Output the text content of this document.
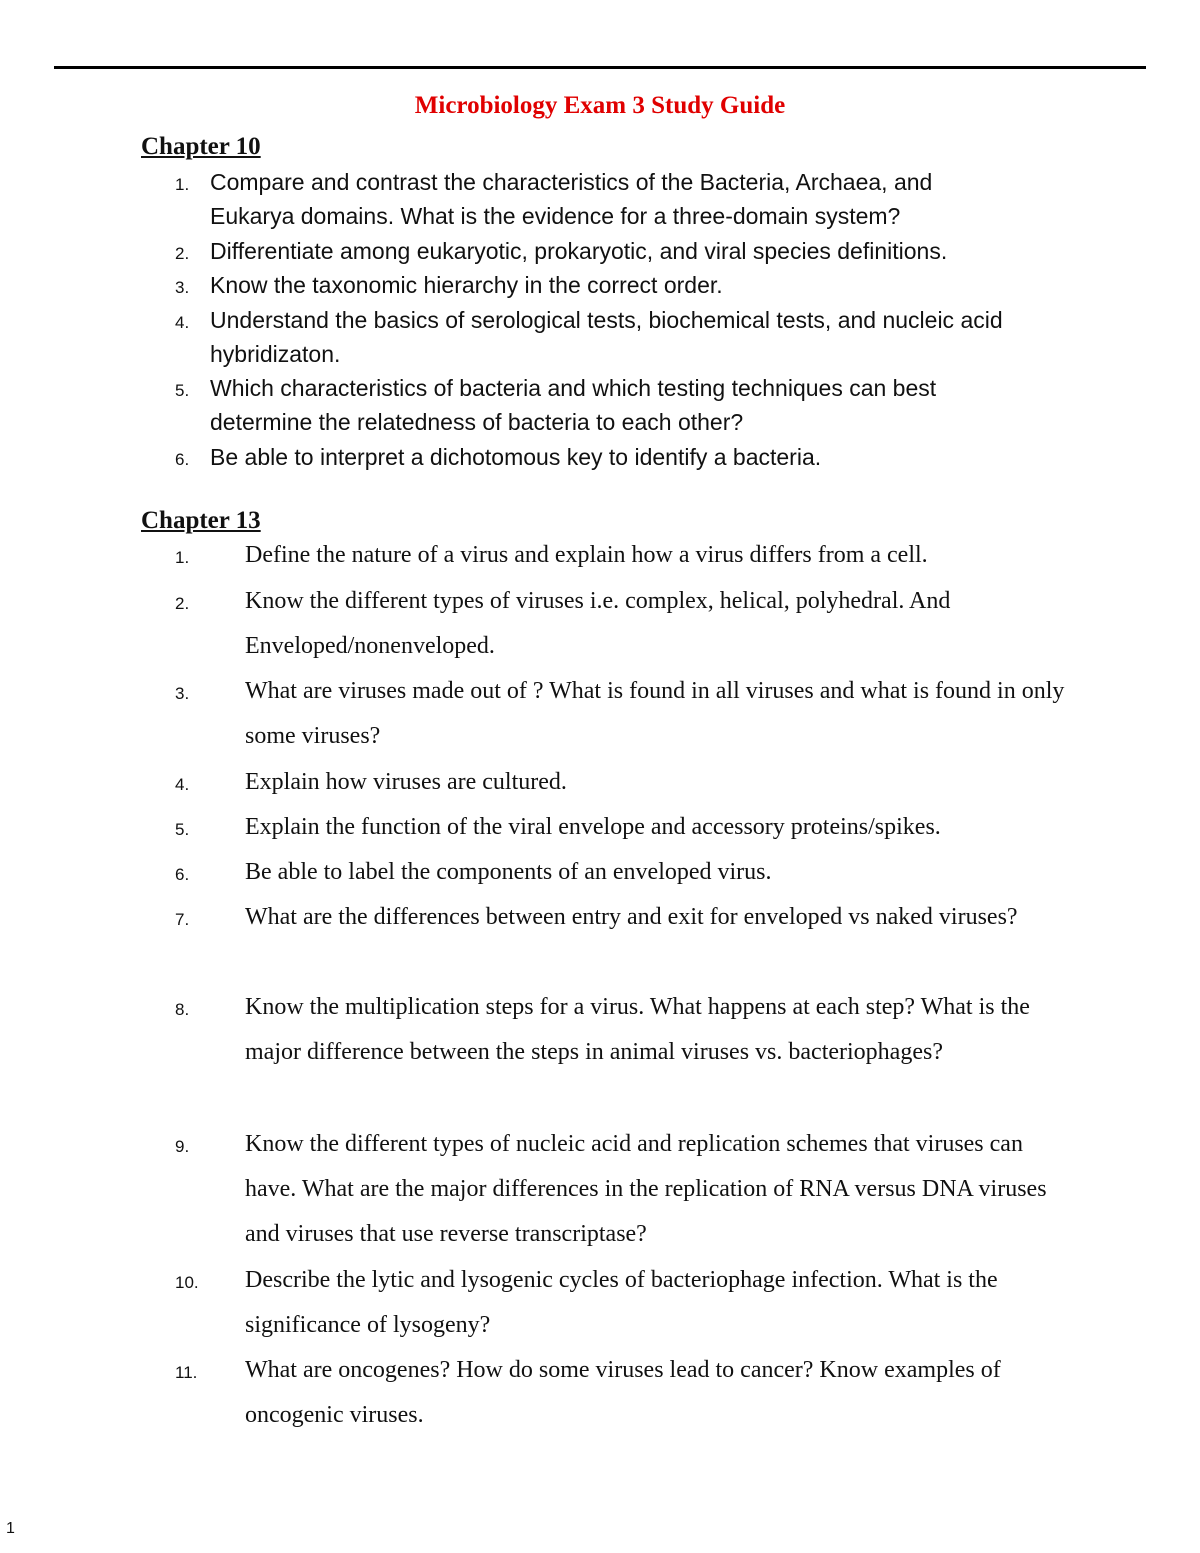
Microbiology Exam 3 Study Guide
Chapter 10
1. Compare and contrast the characteristics of the Bacteria, Archaea, and Eukarya domains. What is the evidence for a three-domain system?
2. Differentiate among eukaryotic, prokaryotic, and viral species definitions.
3. Know the taxonomic hierarchy in the correct order.
4. Understand the basics of serological tests, biochemical tests, and nucleic acid hybridizaton.
5. Which characteristics of bacteria and which testing techniques can best determine the relatedness of bacteria to each other?
6. Be able to interpret a dichotomous key to identify a bacteria.
Chapter 13
1. Define the nature of a virus and explain how a virus differs from a cell.
2. Know the different types of viruses i.e. complex, helical, polyhedral. And Enveloped/nonenveloped.
3. What are viruses made out of ? What is found in all viruses and what is found in only some viruses?
4. Explain how viruses are cultured.
5. Explain the function of the viral envelope and accessory proteins/spikes.
6. Be able to label the components of an enveloped virus.
7. What are the differences between entry and exit for enveloped vs naked viruses?
8. Know the multiplication steps for a virus. What happens at each step? What is the major difference between the steps in animal viruses vs. bacteriophages?
9. Know the different types of nucleic acid and replication schemes that viruses can have. What are the major differences in the replication of RNA versus DNA viruses and viruses that use reverse transcriptase?
10. Describe the lytic and lysogenic cycles of bacteriophage infection. What is the significance of lysogeny?
11. What are oncogenes? How do some viruses lead to cancer? Know examples of oncogenic viruses.
1
